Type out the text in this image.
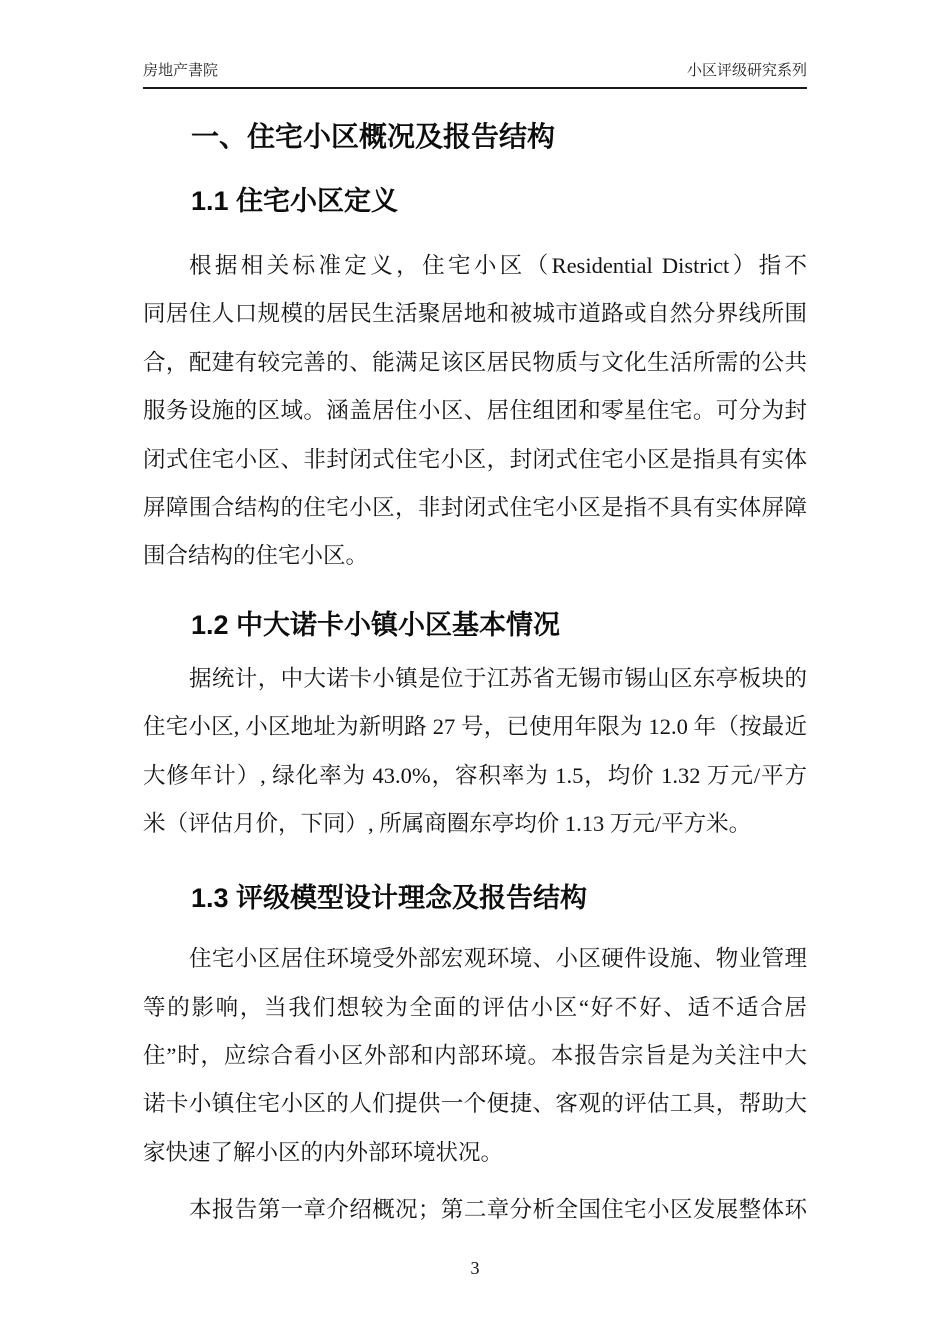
房地产書院	小区评级研究系列
一、住宅小区概况及报告结构
1.1 住宅小区定义
根据相关标准定义，住宅小区（Residential District）指不
同居住人口规模的居民生活聚居地和被城市道路或自然分界线所围
合，配建有较完善的、能满足该区居民物质与文化生活所需的公共
服务设施的区域。涵盖居住小区、居住组团和零星住宅。可分为封
闭式住宅小区、非封闭式住宅小区，封闭式住宅小区是指具有实体
屏障围合结构的住宅小区，非封闭式住宅小区是指不具有实体屏障
围合结构的住宅小区。
1.2 中大诺卡小镇小区基本情况
据统计，中大诺卡小镇是位于江苏省无锡市锡山区东亭板块的
住宅小区, 小区地址为新明路 27 号，已使用年限为 12.0 年（按最近
大修年计）, 绿化率为 43.0%，容积率为 1.5，均价 1.32 万元/平方
米（评估月价，下同）, 所属商圈东亭均价 1.13 万元/平方米。
1.3 评级模型设计理念及报告结构
住宅小区居住环境受外部宏观环境、小区硬件设施、物业管理
等的影响，当我们想较为全面的评估小区“好不好、适不适合居
住”时，应综合看小区外部和内部环境。本报告宗旨是为关注中大
诺卡小镇住宅小区的人们提供一个便捷、客观的评估工具，帮助大
家快速了解小区的内外部环境状况。
本报告第一章介绍概况；第二章分析全国住宅小区发展整体环
3
